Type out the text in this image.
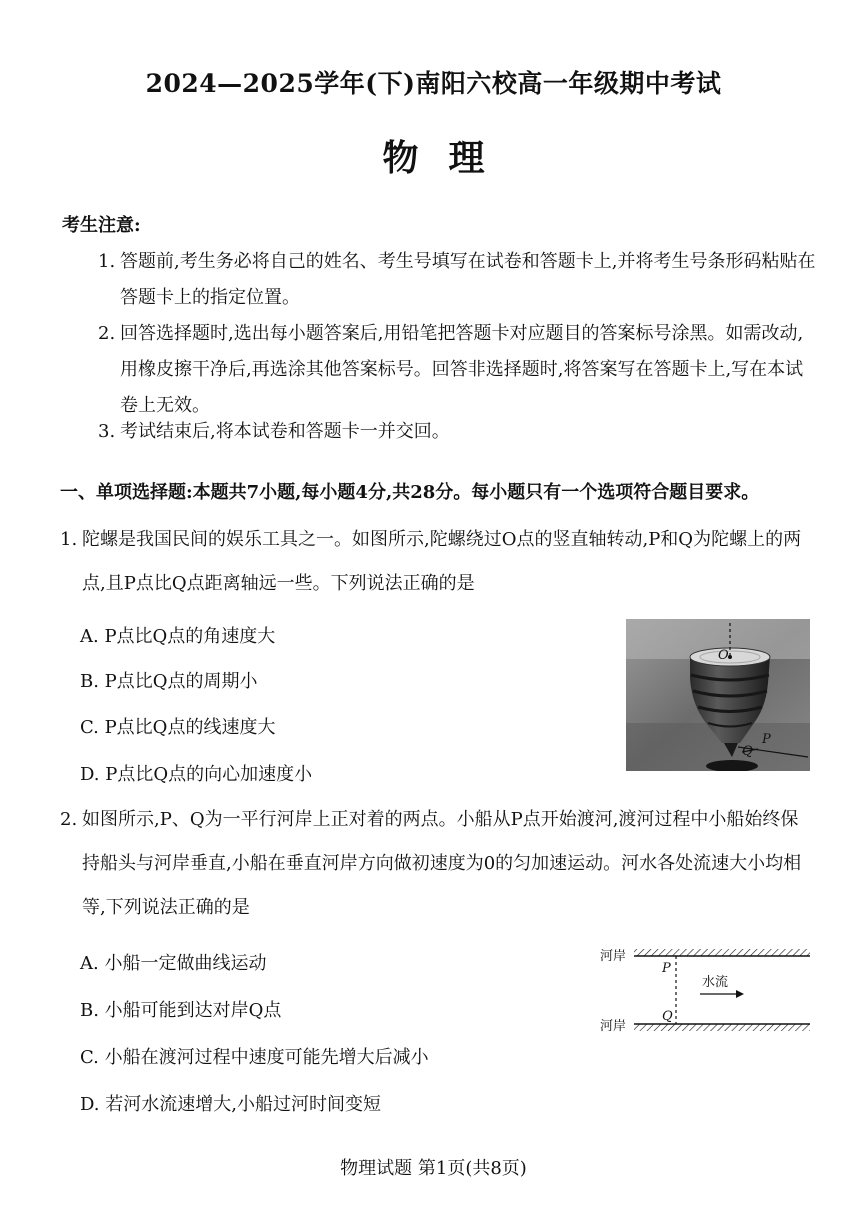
2024—2025学年(下)南阳六校高一年级期中考试
物理
考生注意:
1. 答题前,考生务必将自己的姓名、考生号填写在试卷和答题卡上,并将考生号条形码粘贴在答题卡上的指定位置。
2. 回答选择题时,选出每小题答案后,用铅笔把答题卡对应题目的答案标号涂黑。如需改动,用橡皮擦干净后,再选涂其他答案标号。回答非选择题时,将答案写在答题卡上,写在本试卷上无效。
3. 考试结束后,将本试卷和答题卡一并交回。
一、单项选择题:本题共7小题,每小题4分,共28分。每小题只有一个选项符合题目要求。
1. 陀螺是我国民间的娱乐工具之一。如图所示,陀螺绕过O点的竖直轴转动,P和Q为陀螺上的两点,且P点比Q点距离轴远一些。下列说法正确的是
A. P点比Q点的角速度大
B. P点比Q点的周期小
C. P点比Q点的线速度大
D. P点比Q点的向心加速度小
O
P
Q
2. 如图所示,P、Q为一平行河岸上正对着的两点。小船从P点开始渡河,渡河过程中小船始终保持船头与河岸垂直,小船在垂直河岸方向做初速度为0的匀加速运动。河水各处流速大小均相等,下列说法正确的是
A. 小船一定做曲线运动
B. 小船可能到达对岸Q点
C. 小船在渡河过程中速度可能先增大后减小
D. 若河水流速增大,小船过河时间变短
河岸
河岸
P
Q
水流
物理试题 第1页(共8页)
